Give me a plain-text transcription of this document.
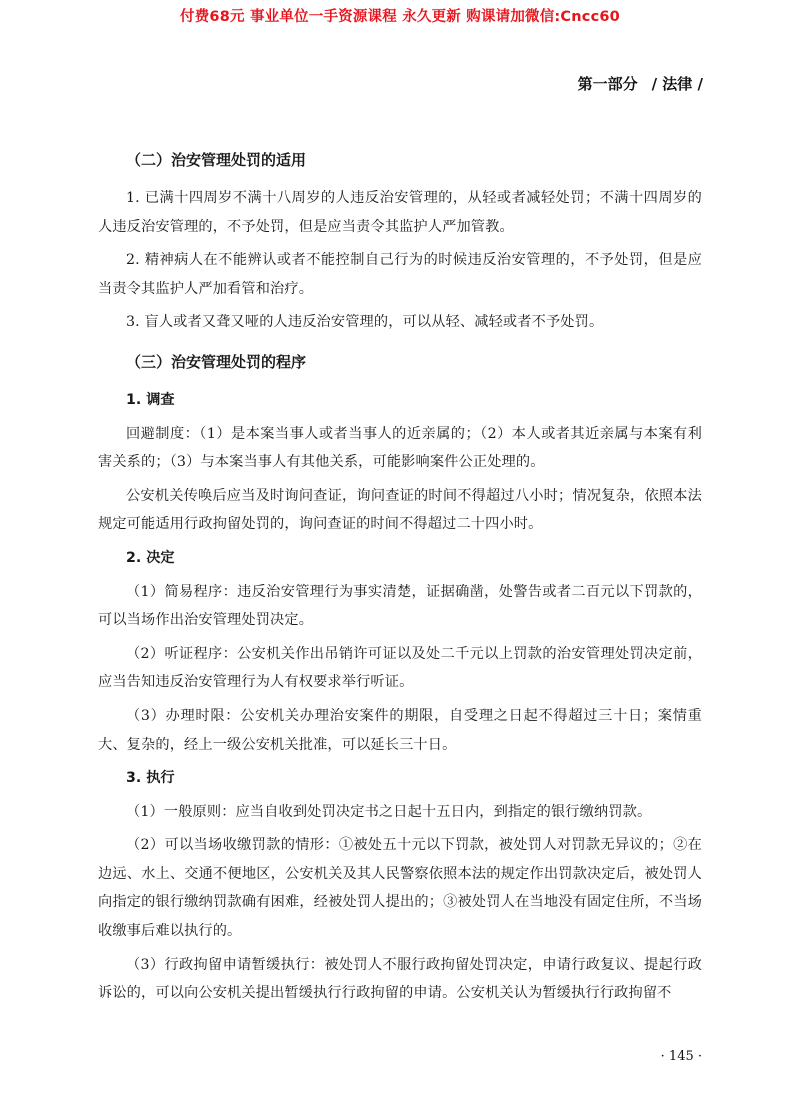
付费68元 事业单位一手资源课程 永久更新 购课请加微信:Cncc60
第一部分 / 法律 /
（二）治安管理处罚的适用

1. 已满十四周岁不满十八周岁的人违反治安管理的，从轻或者减轻处罚；不满十四周岁的人违反治安管理的，不予处罚，但是应当责令其监护人严加管教。

2. 精神病人在不能辨认或者不能控制自己行为的时候违反治安管理的，不予处罚，但是应当责令其监护人严加看管和治疗。

3. 盲人或者又聋又哑的人违反治安管理的，可以从轻、减轻或者不予处罚。

（三）治安管理处罚的程序
1. 调查

回避制度：（1）是本案当事人或者当事人的近亲属的；（2）本人或者其近亲属与本案有利害关系的；（3）与本案当事人有其他关系，可能影响案件公正处理的。

公安机关传唤后应当及时询问查证，询问查证的时间不得超过八小时；情况复杂，依照本法规定可能适用行政拘留处罚的，询问查证的时间不得超过二十四小时。

2. 决定

（1）简易程序：违反治安管理行为事实清楚，证据确凿，处警告或者二百元以下罚款的，可以当场作出治安管理处罚决定。

（2）听证程序：公安机关作出吊销许可证以及处二千元以上罚款的治安管理处罚决定前，应当告知违反治安管理行为人有权要求举行听证。

（3）办理时限：公安机关办理治安案件的期限，自受理之日起不得超过三十日；案情重大、复杂的，经上一级公安机关批准，可以延长三十日。

3. 执行

（1）一般原则：应当自收到处罚决定书之日起十五日内，到指定的银行缴纳罚款。

（2）可以当场收缴罚款的情形：①被处五十元以下罚款，被处罚人对罚款无异议的；②在边远、水上、交通不便地区，公安机关及其人民警察依照本法的规定作出罚款决定后，被处罚人向指定的银行缴纳罚款确有困难，经被处罚人提出的；③被处罚人在当地没有固定住所，不当场收缴事后难以执行的。

（3）行政拘留申请暂缓执行：被处罚人不服行政拘留处罚决定，申请行政复议、提起行政诉讼的，可以向公安机关提出暂缓执行行政拘留的申请。公安机关认为暂缓执行行政拘留不

· 145 ·
